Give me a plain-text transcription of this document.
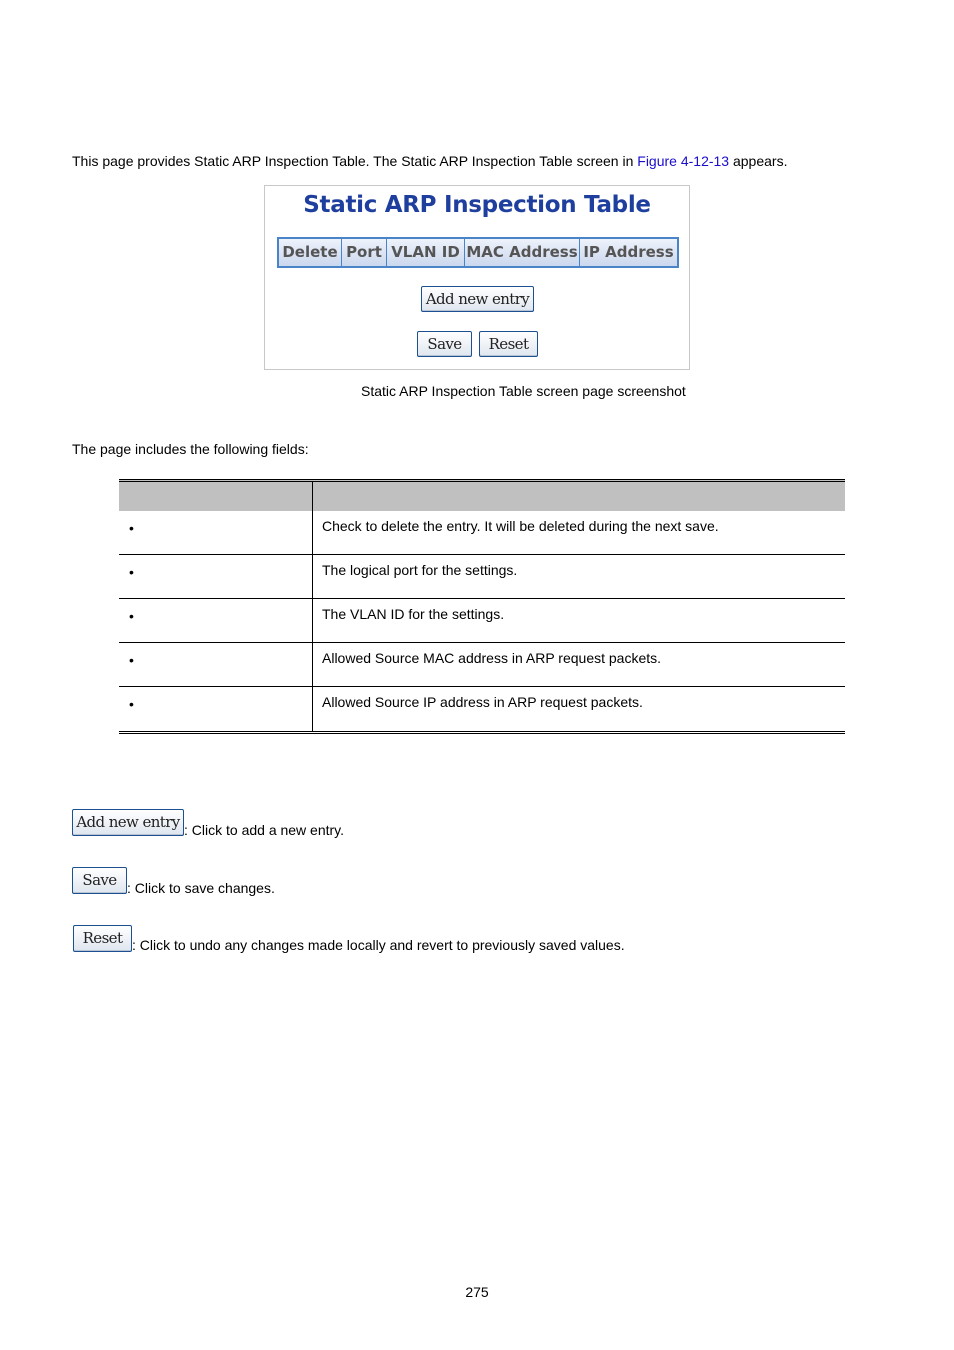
This page provides Static ARP Inspection Table. The Static ARP Inspection Table screen in Figure 4-12-13 appears.
Static ARP Inspection Table
Delete Port VLAN ID MAC Address IP Address
Add new entry
Save	Reset
Static ARP Inspection Table screen page screenshot
The page includes the following fields:
•	Check to delete the entry. It will be deleted during the next save.
•	The logical port for the settings.
•	The VLAN ID for the settings.
•	Allowed Source MAC address in ARP request packets.
•	Allowed Source IP address in ARP request packets.
Add new entry : Click to add a new entry.
Save : Click to save changes.
Reset : Click to undo any changes made locally and revert to previously saved values.
275
